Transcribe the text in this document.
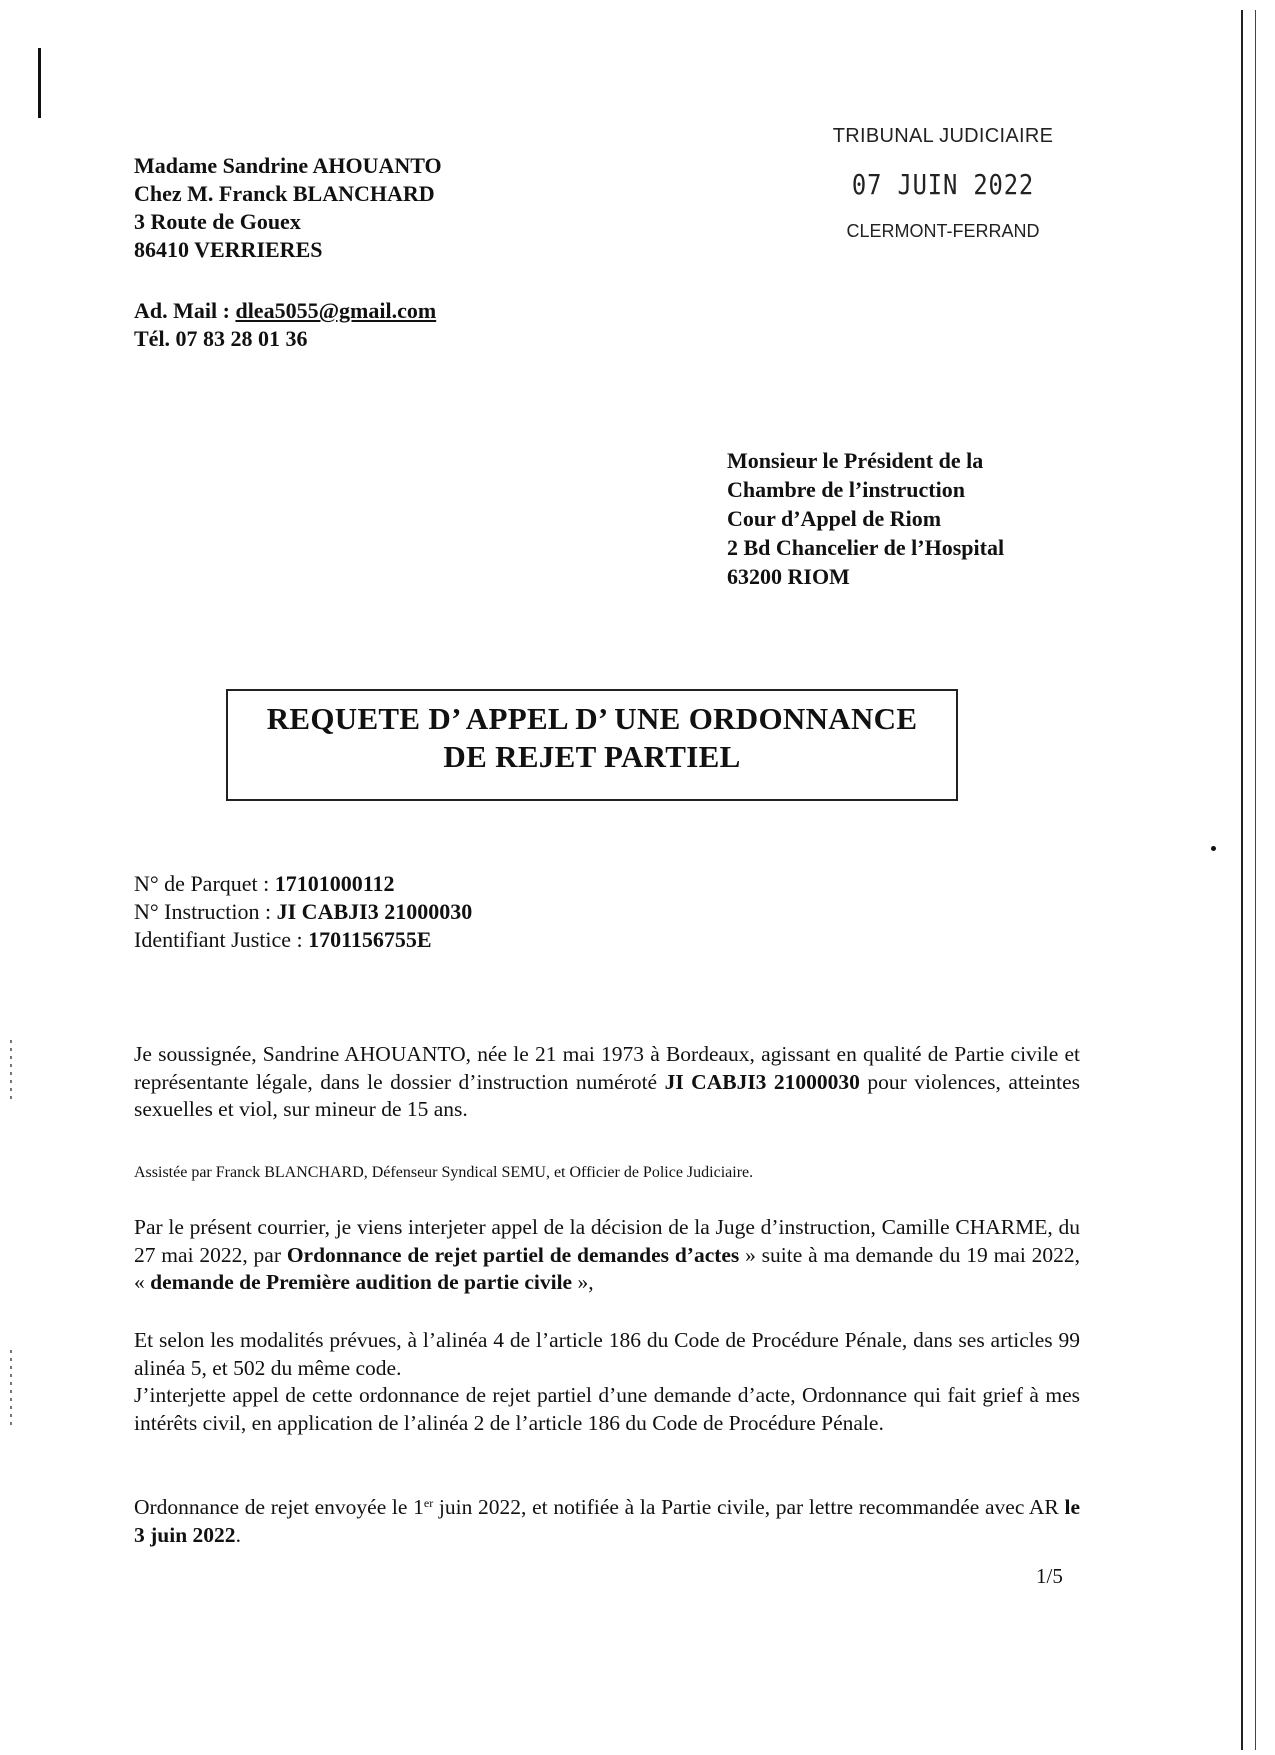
Madame Sandrine AHOUANTO
Chez M. Franck BLANCHARD
3 Route de Gouex
86410 VERRIERES
Ad. Mail : dlea5055@gmail.com
Tél. 07 83 28 01 36
TRIBUNAL JUDICIAIRE
07 JUIN 2022
CLERMONT-FERRAND
Monsieur le Président de la
Chambre de l’instruction
Cour d’Appel de Riom
2 Bd Chancelier de l’Hospital
63200 RIOM
REQUETE D’ APPEL D’ UNE ORDONNANCE
DE REJET PARTIEL
N° de Parquet : 17101000112
N° Instruction : JI CABJI3 21000030
Identifiant Justice : 1701156755E
Je soussignée, Sandrine AHOUANTO, née le 21 mai 1973 à Bordeaux, agissant en qualité de Partie civile et représentante légale, dans le dossier d’instruction numéroté JI CABJI3 21000030 pour violences, atteintes sexuelles et viol, sur mineur de 15 ans.
Assistée par Franck BLANCHARD, Défenseur Syndical SEMU, et Officier de Police Judiciaire.
Par le présent courrier, je viens interjeter appel de la décision de la Juge d’instruction, Camille CHARME, du 27 mai 2022, par Ordonnance de rejet partiel de demandes d’actes » suite à ma demande du 19 mai 2022, « demande de Première audition de partie civile »,
Et selon les modalités prévues, à l’alinéa 4 de l’article 186 du Code de Procédure Pénale, dans ses articles 99 alinéa 5, et 502 du même code.
J’interjette appel de cette ordonnance de rejet partiel d’une demande d’acte, Ordonnance qui fait grief à mes intérêts civil, en application de l’alinéa 2 de l’article 186 du Code de Procédure Pénale.
Ordonnance de rejet envoyée le 1er juin 2022, et notifiée à la Partie civile, par lettre recommandée avec AR le 3 juin 2022.
1/5
